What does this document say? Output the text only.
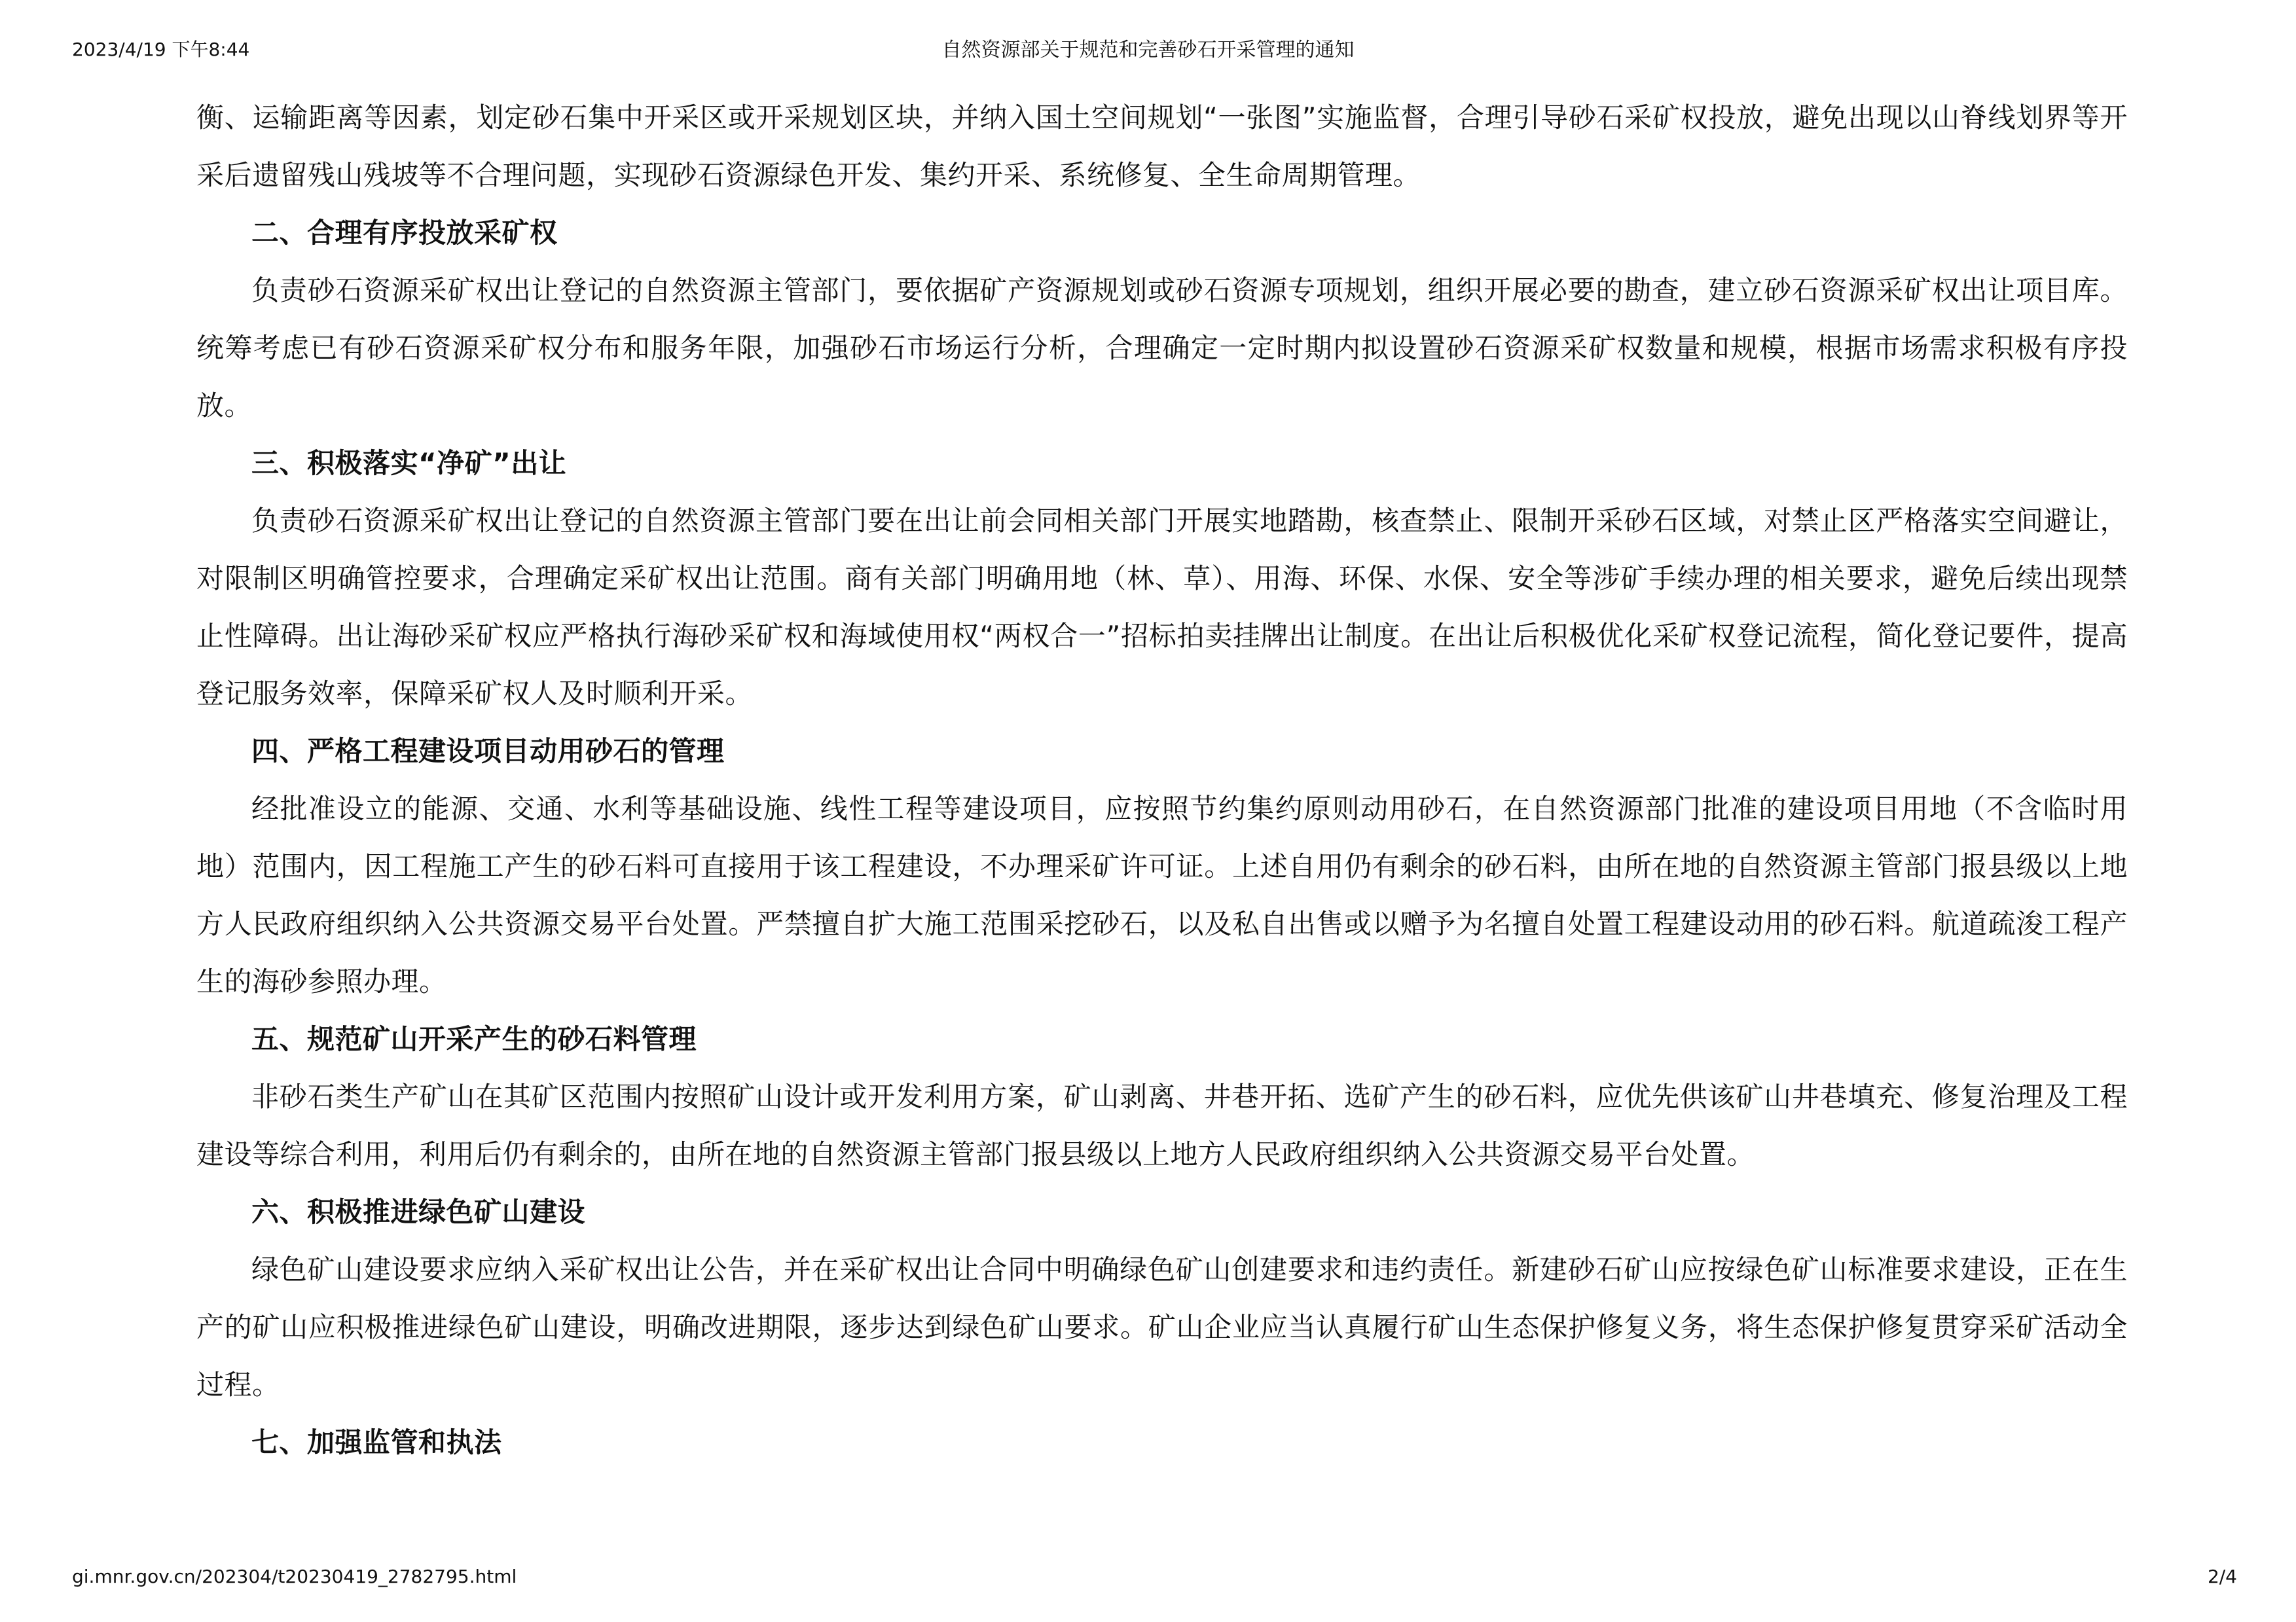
2023/4/19 下午8:44	自然资源部关于规范和完善砂石开采管理的通知

衡、运输距离等因素，划定砂石集中开采区或开采规划区块，并纳入国土空间规划“一张图”实施监督，合理引导砂石采矿权投放，避免出现以山脊线划界等开采后遗留残山残坡等不合理问题，实现砂石资源绿色开发、集约开采、系统修复、全生命周期管理。

二、合理有序投放采矿权

负责砂石资源采矿权出让登记的自然资源主管部门，要依据矿产资源规划或砂石资源专项规划，组织开展必要的勘查，建立砂石资源采矿权出让项目库。统筹考虑已有砂石资源采矿权分布和服务年限，加强砂石市场运行分析，合理确定一定时期内拟设置砂石资源采矿权数量和规模，根据市场需求积极有序投放。

三、积极落实“净矿”出让

负责砂石资源采矿权出让登记的自然资源主管部门要在出让前会同相关部门开展实地踏勘，核查禁止、限制开采砂石区域，对禁止区严格落实空间避让，对限制区明确管控要求，合理确定采矿权出让范围。商有关部门明确用地（林、草）、用海、环保、水保、安全等涉矿手续办理的相关要求，避免后续出现禁止性障碍。出让海砂采矿权应严格执行海砂采矿权和海域使用权“两权合一”招标拍卖挂牌出让制度。在出让后积极优化采矿权登记流程，简化登记要件，提高登记服务效率，保障采矿权人及时顺利开采。

四、严格工程建设项目动用砂石的管理

经批准设立的能源、交通、水利等基础设施、线性工程等建设项目，应按照节约集约原则动用砂石，在自然资源部门批准的建设项目用地（不含临时用地）范围内，因工程施工产生的砂石料可直接用于该工程建设，不办理采矿许可证。上述自用仍有剩余的砂石料，由所在地的自然资源主管部门报县级以上地方人民政府组织纳入公共资源交易平台处置。严禁擅自扩大施工范围采挖砂石，以及私自出售或以赠予为名擅自处置工程建设动用的砂石料。航道疏浚工程产生的海砂参照办理。

五、规范矿山开采产生的砂石料管理

非砂石类生产矿山在其矿区范围内按照矿山设计或开发利用方案，矿山剥离、井巷开拓、选矿产生的砂石料，应优先供该矿山井巷填充、修复治理及工程建设等综合利用，利用后仍有剩余的，由所在地的自然资源主管部门报县级以上地方人民政府组织纳入公共资源交易平台处置。

六、积极推进绿色矿山建设

绿色矿山建设要求应纳入采矿权出让公告，并在采矿权出让合同中明确绿色矿山创建要求和违约责任。新建砂石矿山应按绿色矿山标准要求建设，正在生产的矿山应积极推进绿色矿山建设，明确改进期限，逐步达到绿色矿山要求。矿山企业应当认真履行矿山生态保护修复义务，将生态保护修复贯穿采矿活动全过程。

七、加强监管和执法
gi.mnr.gov.cn/202304/t20230419_2782795.html	2/4
